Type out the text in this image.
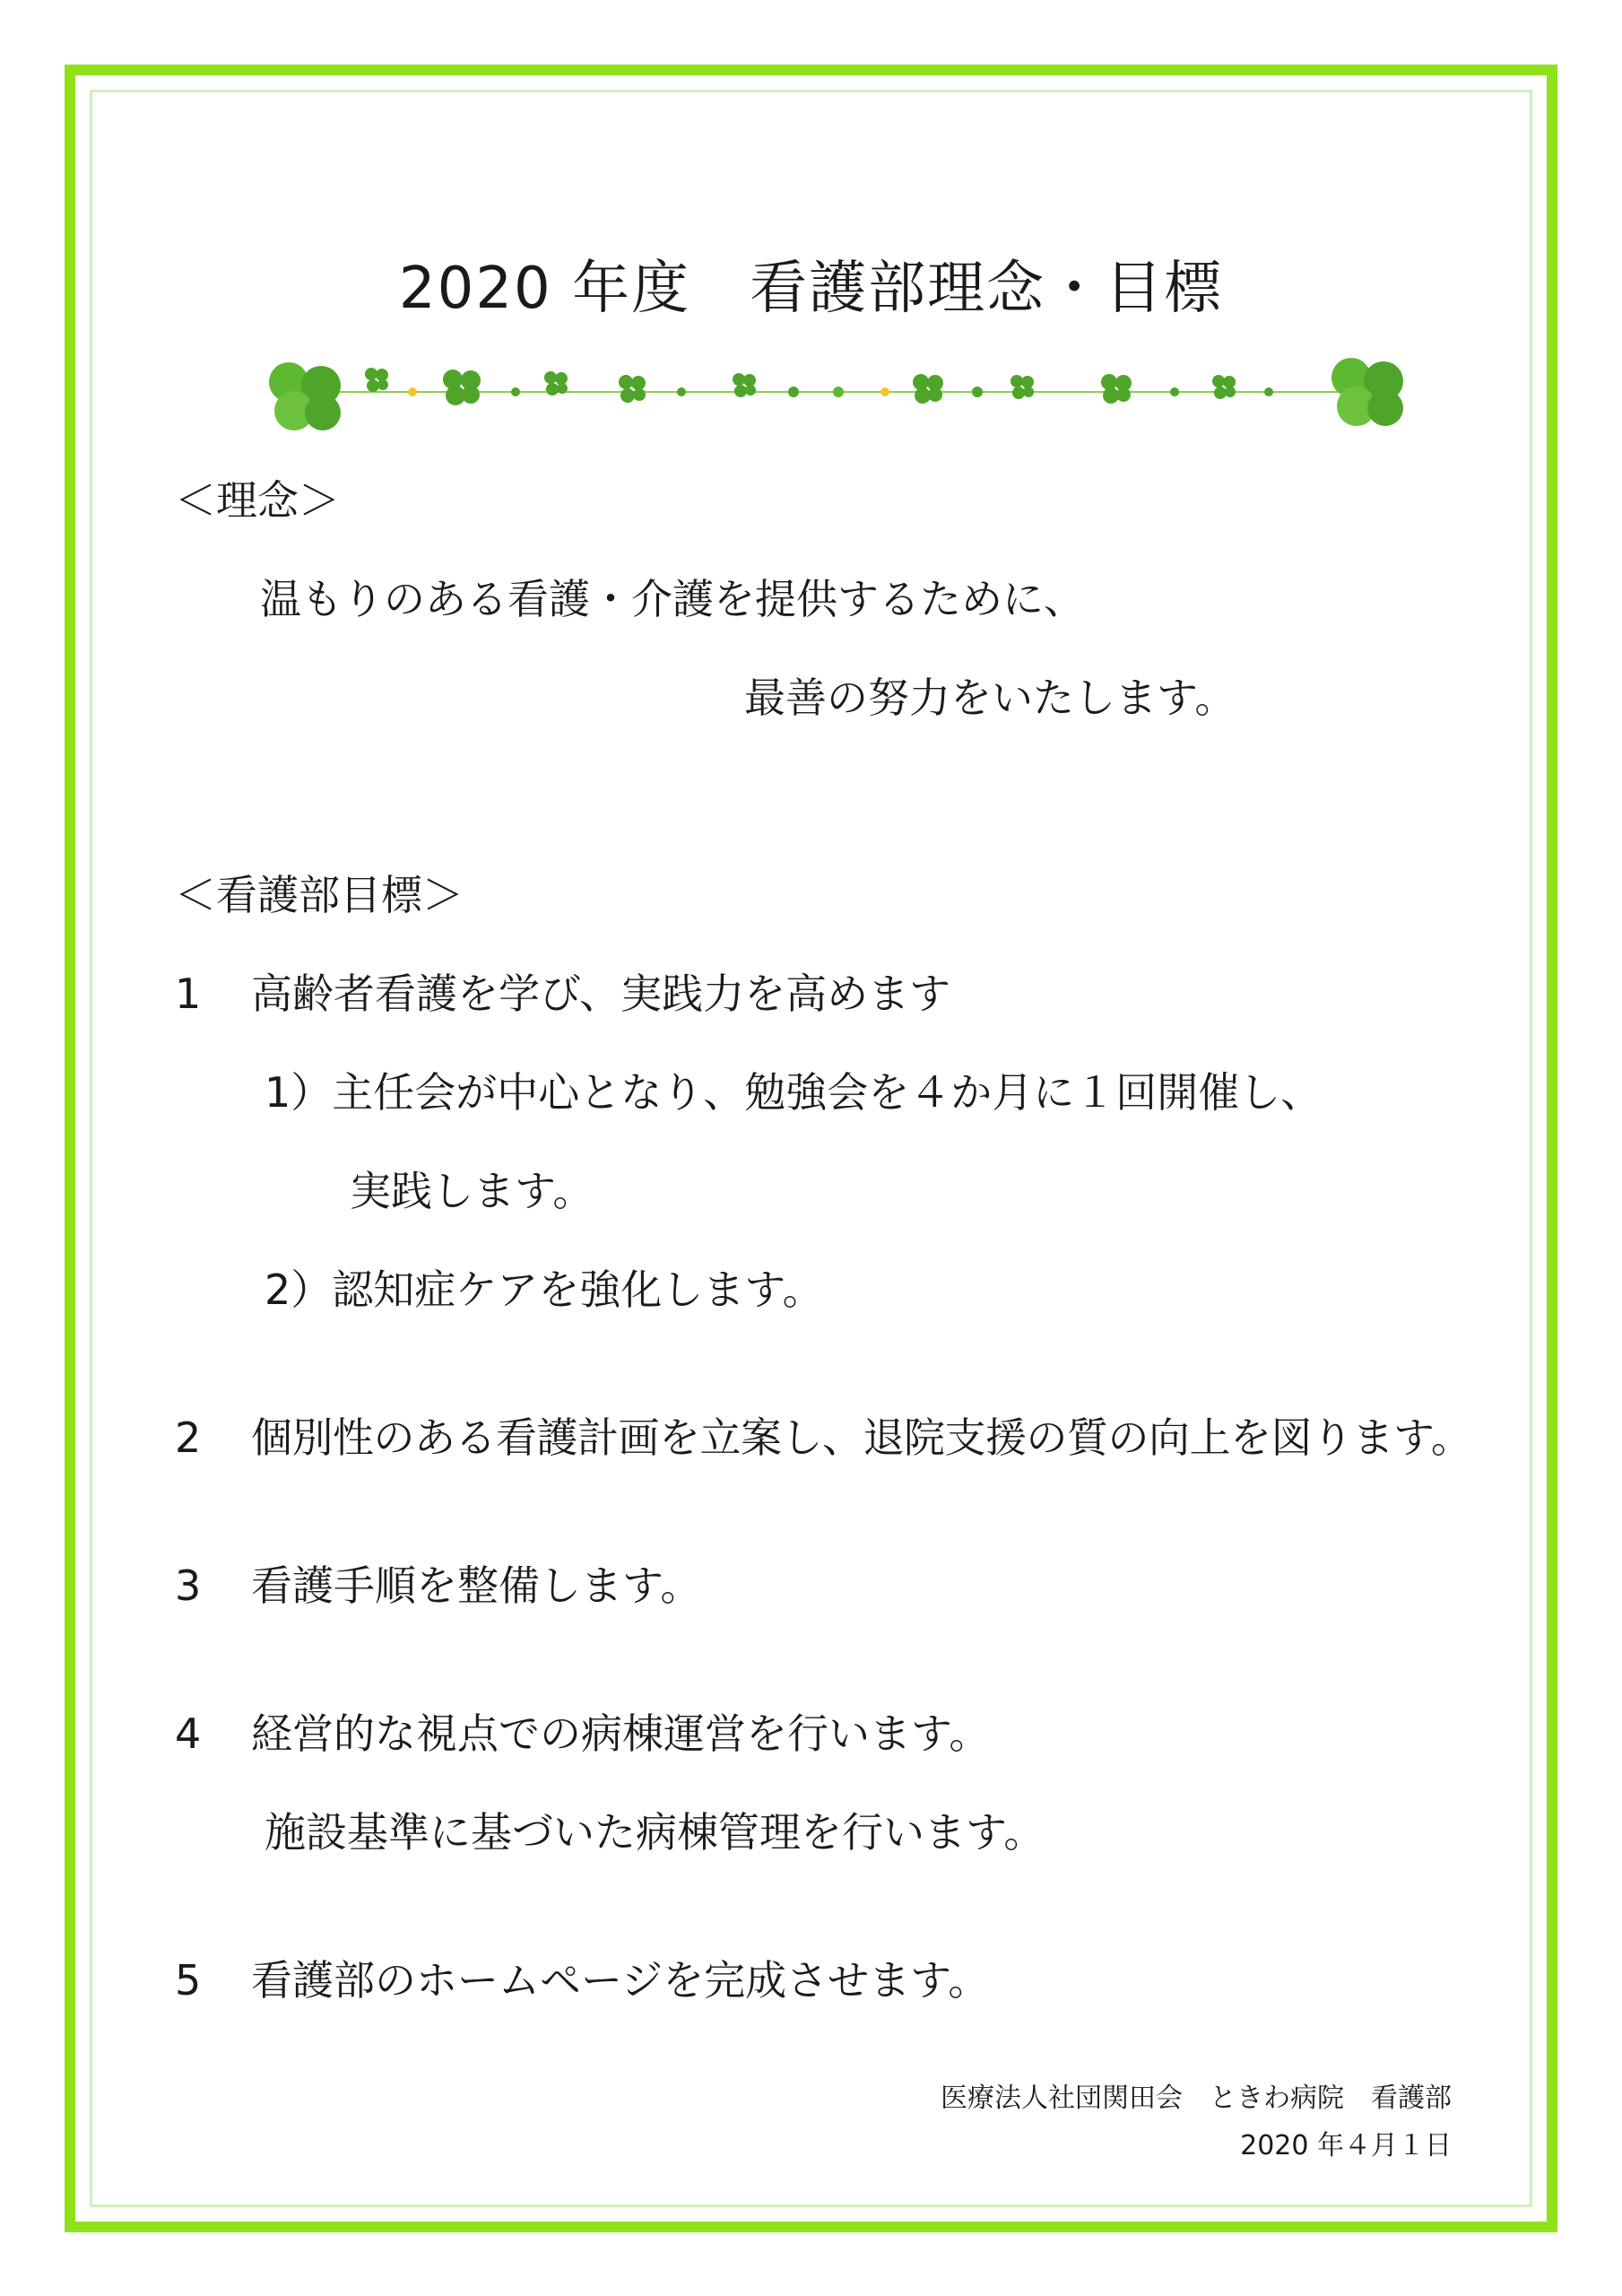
2020 年度　看護部理念・目標
＜理念＞
温もりのある看護・介護を提供するために、
最善の努力をいたします。
＜看護部目標＞
1 高齢者看護を学び、実践力を高めます
1）主任会が中心となり、勉強会を４か月に１回開催し、
実践します。
2）認知症ケアを強化します。
2 個別性のある看護計画を立案し、退院支援の質の向上を図ります。
3 看護手順を整備します。
4 経営的な視点での病棟運営を行います。
施設基準に基づいた病棟管理を行います。
5 看護部のホームページを完成させます。
医療法人社団関田会　ときわ病院　看護部
2020 年４月１日
